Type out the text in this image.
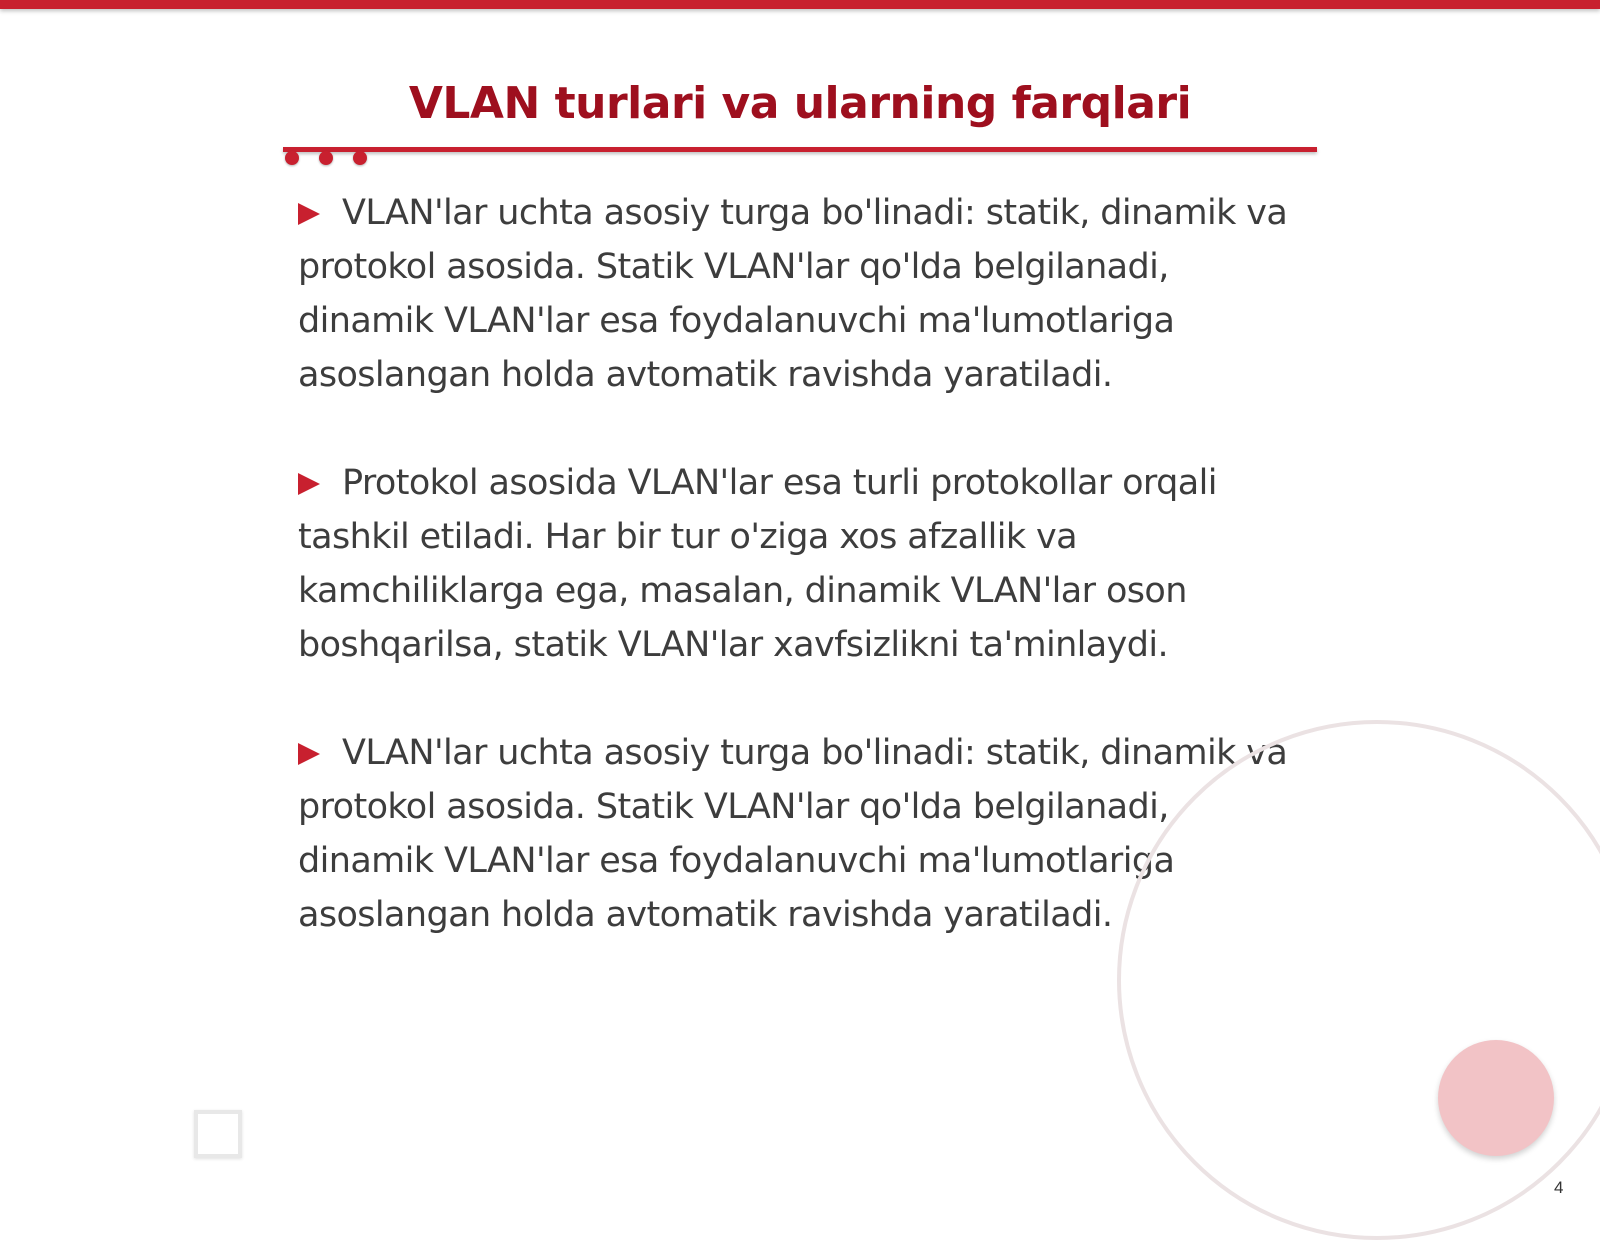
VLAN turlari va ularning farqlari

VLAN'lar uchta asosiy turga bo'linadi: statik, dinamik va protokol asosida. Statik VLAN'lar qo'lda belgilanadi, dinamik VLAN'lar esa foydalanuvchi ma'lumotlariga asoslangan holda avtomatik ravishda yaratiladi.

Protokol asosida VLAN'lar esa turli protokollar orqali tashkil etiladi. Har bir tur o'ziga xos afzallik va kamchiliklarga ega, masalan, dinamik VLAN'lar oson boshqarilsa, statik VLAN'lar xavfsizlikni ta'minlaydi.

VLAN'lar uchta asosiy turga bo'linadi: statik, dinamik va protokol asosida. Statik VLAN'lar qo'lda belgilanadi, dinamik VLAN'lar esa foydalanuvchi ma'lumotlariga asoslangan holda avtomatik ravishda yaratiladi.

4
